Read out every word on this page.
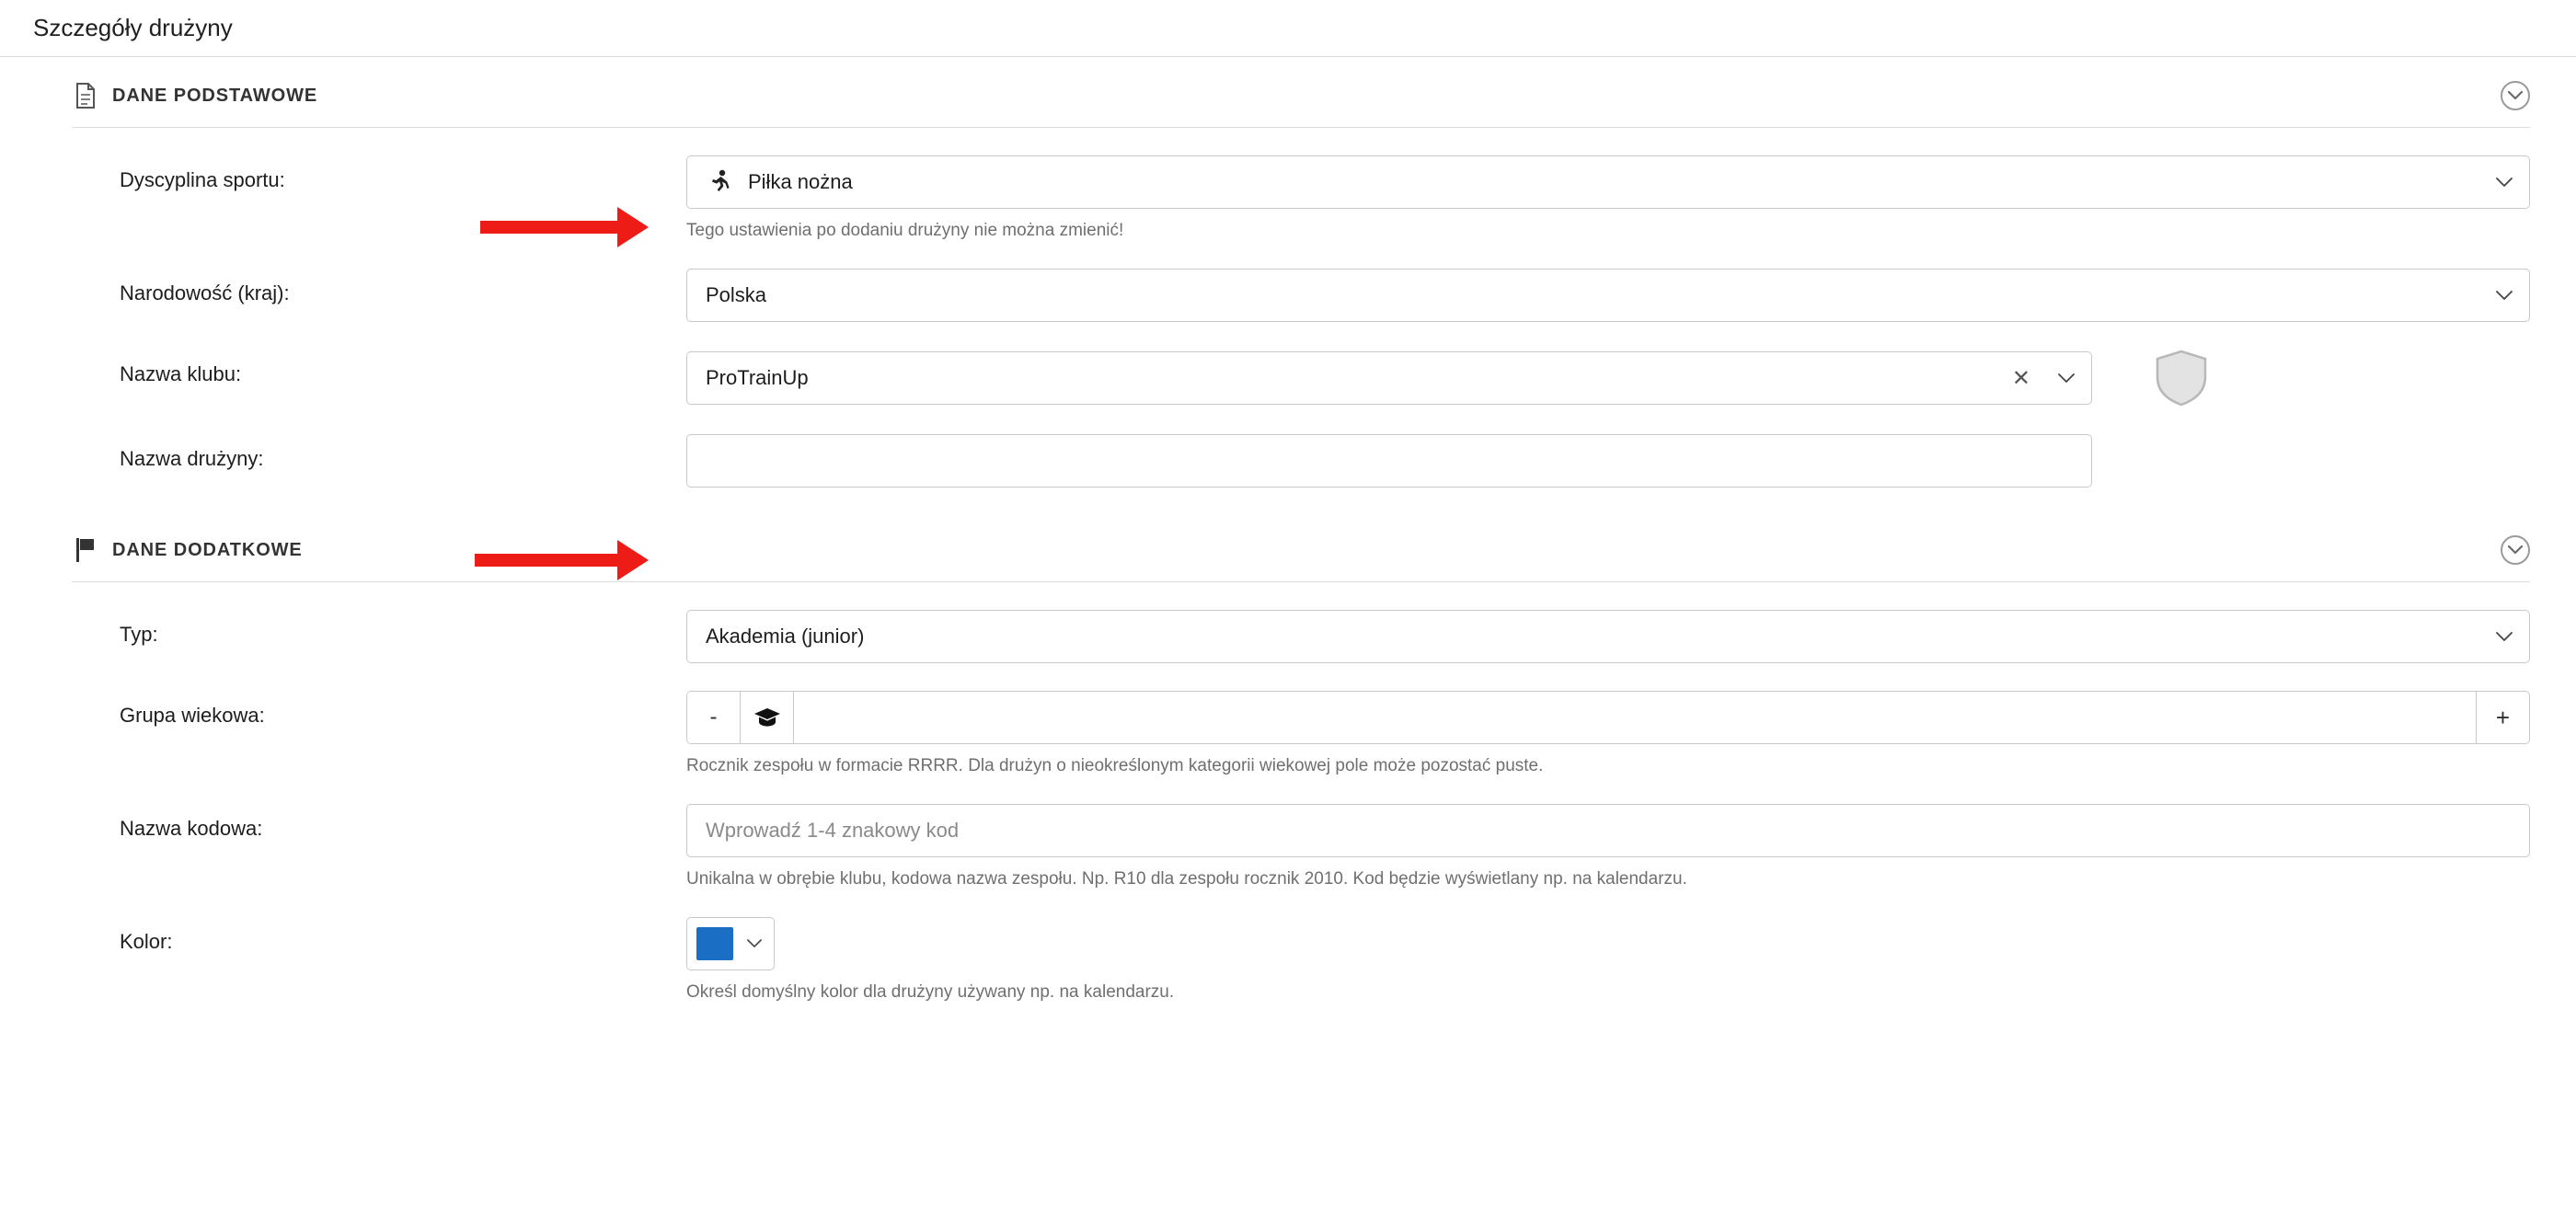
Szczegóły drużyny
DANE PODSTAWOWE
Dyscyplina sportu:	Piłka nożna
Tego ustawienia po dodaniu drużyny nie można zmienić!
Narodowość (kraj):	Polska
Nazwa klubu:	ProTrainUp	✕
Nazwa drużyny:
DANE DODATKOWE
Typ:	Akademia (junior)
Grupa wiekowa:	-	+
Rocznik zespołu w formacie RRRR. Dla drużyn o nieokreślonym kategorii wiekowej pole może pozostać puste.
Nazwa kodowa:	Wprowadź 1-4 znakowy kod
Unikalna w obrębie klubu, kodowa nazwa zespołu. Np. R10 dla zespołu rocznik 2010. Kod będzie wyświetlany np. na kalendarzu.
Kolor:
Określ domyślny kolor dla drużyny używany np. na kalendarzu.
